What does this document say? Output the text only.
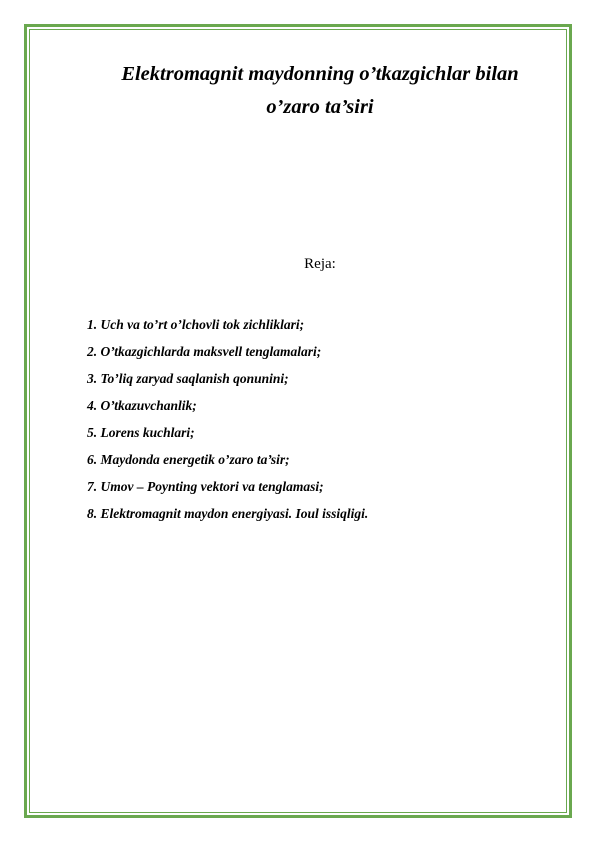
Elektromagnit maydonning o’tkazgichlar bilan
o’zaro ta’siri

Reja:

1. Uch va to’rt o’lchovli tok zichliklari;
2. O’tkazgichlarda maksvell tenglamalari;
3. To’liq zaryad saqlanish qonunini;
4. O’tkazuvchanlik;
5. Lorens kuchlari;
6. Maydonda energetik o’zaro ta’sir;
7. Umov – Poynting vektori va tenglamasi;
8. Elektromagnit maydon energiyasi. Ioul issiqligi.
